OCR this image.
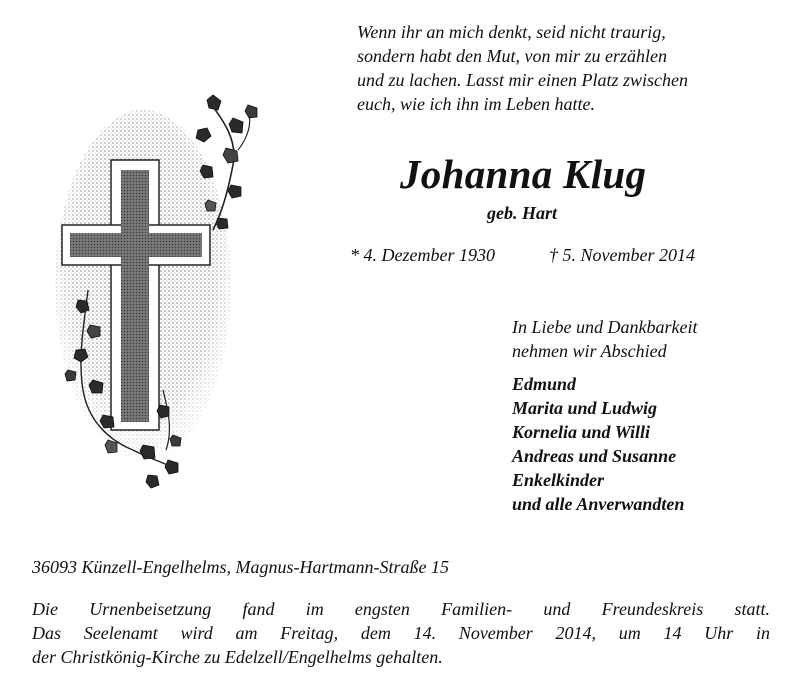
Wenn ihr an mich denkt, seid nicht traurig,
sondern habt den Mut, von mir zu erzählen
und zu lachen. Lasst mir einen Platz zwischen
euch, wie ich ihn im Leben hatte.
Johanna Klug
geb. Hart
* 4. Dezember 1930	† 5. November 2014
In Liebe und Dankbarkeit
nehmen wir Abschied
Edmund
Marita und Ludwig
Kornelia und Willi
Andreas und Susanne
Enkelkinder
und alle Anverwandten
36093 Künzell-Engelhelms, Magnus-Hartmann-Straße 15
Die Urnenbeisetzung fand im engsten Familien- und Freundeskreis statt.
Das Seelenamt wird am Freitag, dem 14. November 2014, um 14 Uhr in
der Christkönig-Kirche zu Edelzell/Engelhelms gehalten.
